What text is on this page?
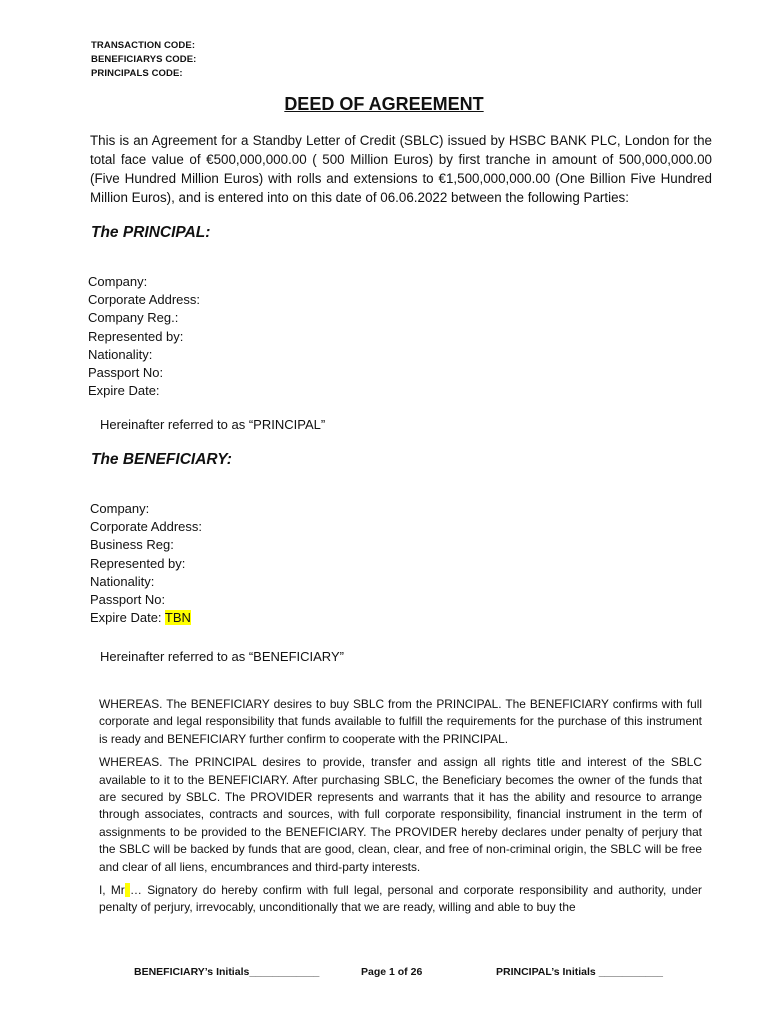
TRANSACTION CODE:
BENEFICIARYS CODE:
PRINCIPALS CODE:
DEED OF AGREEMENT
This is an Agreement for a Standby Letter of Credit (SBLC) issued by HSBC BANK PLC, London for the total face value of €500,000,000.00 ( 500 Million Euros) by first tranche in amount of 500,000,000.00 (Five Hundred Million Euros) with rolls and extensions to €1,500,000,000.00 (One Billion Five Hundred Million Euros), and is entered into on this date of 06.06.2022 between the following Parties:
The PRINCIPAL:
Company:
Corporate Address:
Company Reg.:
Represented by:
Nationality:
Passport No:
Expire Date:
Hereinafter referred to as “PRINCIPAL”
The BENEFICIARY:
Company:
Corporate Address:
Business Reg:
Represented by:
Nationality:
Passport No:
Expire Date: TBN
Hereinafter referred to as “BENEFICIARY”

WHEREAS. The BENEFICIARY desires to buy SBLC from the PRINCIPAL. The BENEFICIARY confirms with full corporate and legal responsibility that funds available to fulfill the requirements for the purchase of this instrument is ready and BENEFICIARY further confirm to cooperate with the PRINCIPAL.

WHEREAS. The PRINCIPAL desires to provide, transfer and assign all rights title and interest of the SBLC available to it to the BENEFICIARY. After purchasing SBLC, the Beneficiary becomes the owner of the funds that are secured by SBLC. The PROVIDER represents and warrants that it has the ability and resource to arrange through associates, contracts and sources, with full corporate responsibility, financial instrument in the term of assignments to be provided to the BENEFICIARY. The PROVIDER hereby declares under penalty of perjury that the SBLC will be backed by funds that are good, clean, clear, and free of non-criminal origin, the SBLC will be free and clear of all liens, encumbrances and third-party interests.

I, Mr … Signatory do hereby confirm with full legal, personal and corporate responsibility and authority, under penalty of perjury, irrevocably, unconditionally that we are ready, willing and able to buy the

BENEFICIARY’s Initials____________	Page 1 of 26	PRINCIPAL’s Initials ___________
